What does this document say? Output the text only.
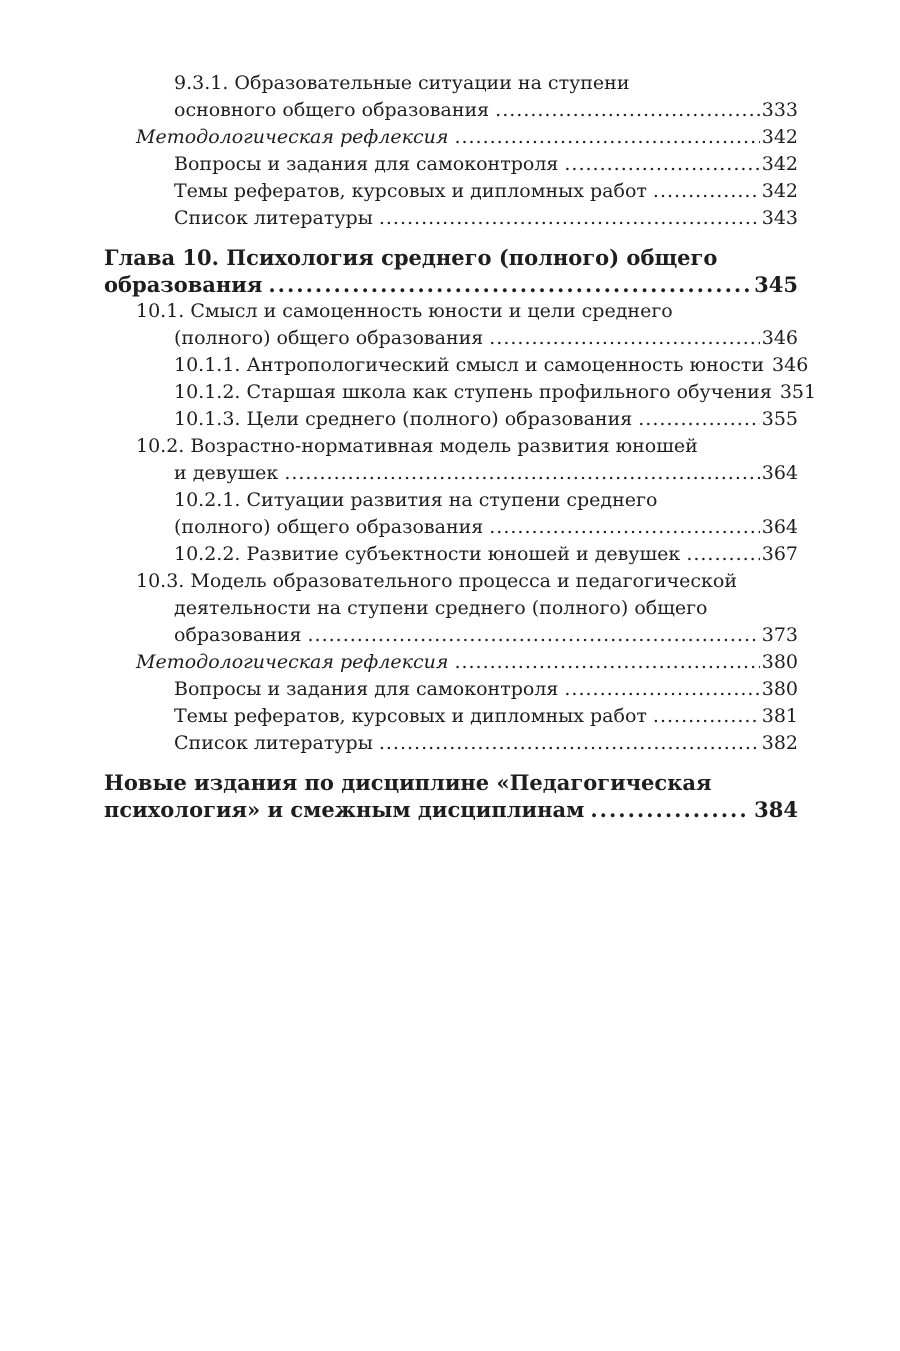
9.3.1. Образовательные ситуации на ступени
основного общего образования .....	333
Методологическая рефлексия .....	342
Вопросы и задания для самоконтроля .....	342
Темы рефератов, курсовых и дипломных работ .....	342
Список литературы .....	343
Глава 10. Психология среднего (полного) общего
образования .....	345
10.1. Смысл и самоценность юности и цели среднего
(полного) общего образования .....	346
10.1.1. Антропологический смысл и самоценность юности 346
10.1.2. Старшая школа как ступень профильного обучения 351
10.1.3. Цели среднего (полного) образования .....	355
10.2. Возрастно-нормативная модель развития юношей
и девушек .....	364
10.2.1. Ситуации развития на ступени среднего
(полного) общего образования .....	364
10.2.2. Развитие субъектности юношей и девушек .....	367
10.3. Модель образовательного процесса и педагогической
деятельности на ступени среднего (полного) общего
образования .....	373
Методологическая рефлексия .....	380
Вопросы и задания для самоконтроля .....	380
Темы рефератов, курсовых и дипломных работ .....	381
Список литературы .....	382
Новые издания по дисциплине «Педагогическая
психология» и смежным дисциплинам .....	384
